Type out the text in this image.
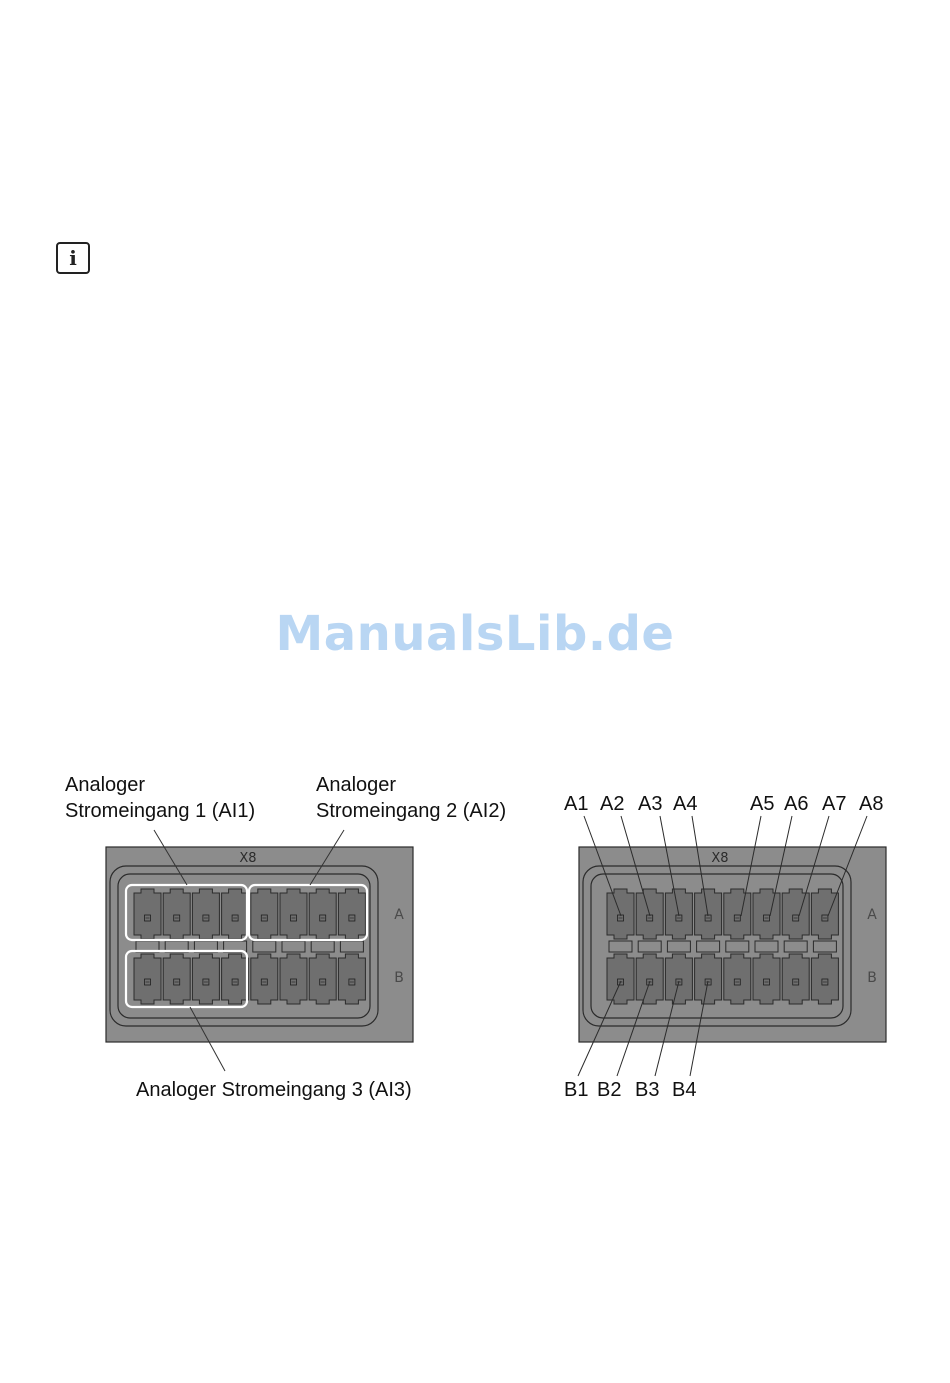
i
ManualsLib.de
Analoger
Stromeingang 1 (AI1)
Analoger
Stromeingang 2 (AI2)
Analoger Stromeingang 3 (AI3)
A1 A2 A3 A4	A5 A6 A7 A8
B1 B2 B3 B4
X8
A
B
X8
A
B
